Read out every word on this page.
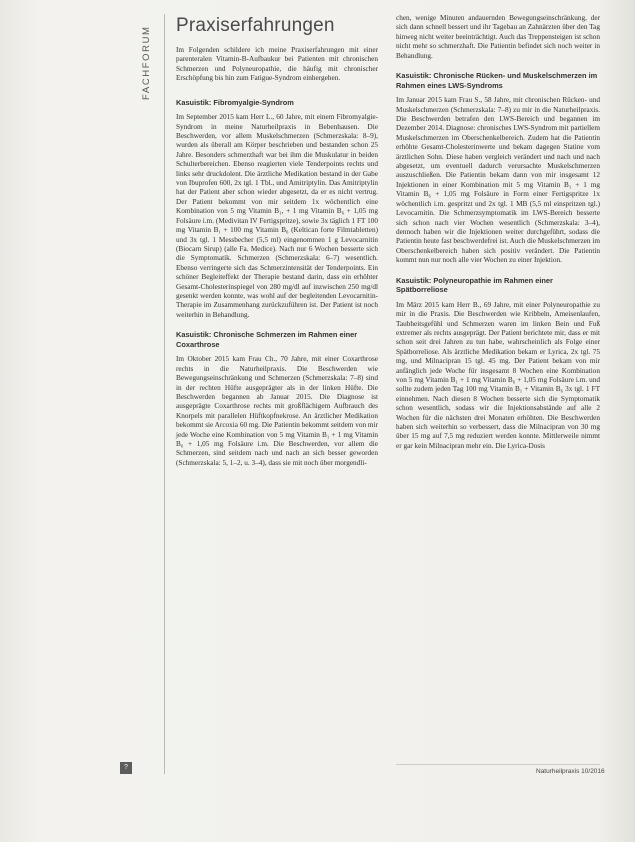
FACHFORUM
Praxiserfahrungen

Im Folgenden schildere ich meine Praxiserfahrungen mit einer parenteralen Vitamin-B-Aufbaukur bei Patienten mit chronischen Schmerzen und Polyneuropathie, die häufig mit chronischer Erschöpfung bis hin zum Fatigue-Syndrom einhergehen.

Kasuistik: Fibromyalgie-Syndrom

Im September 2015 kam Herr L., 60 Jahre, mit einem Fibromyalgie-Syndrom in meine Naturheilpraxis in Bebenhausen. Die Beschwerden, vor allem Muskelschmerzen (Schmerzskala: 8–9), wurden als überall am Körper beschrieben und bestanden schon 25 Jahre. Besonders schmerzhaft war bei ihm die Muskulatur in beiden Schulterbereichen. Ebenso reagierten viele Tenderpoints rechts und links sehr druckdolent. Die ärztliche Medikation bestand in der Gabe von Ibuprofen 600, 2x tgl. 1 Tbl., und Amitriptylin. Das Amitriptylin hat der Patient aber schon wieder abgesetzt, da er es nicht vertrug. Der Patient bekommt von mir seitdem 1x wöchentlich eine Kombination von 5 mg Vitamin B₁, + 1 mg Vitamin B₆ + 1,05 mg Folsäure i.m. (Medivitan IV Fertigspritze), sowie 3x täglich 1 FT 100 mg Vitamin B₁ + 100 mg Vitamin B₆ (Keltican forte Filmtabletten) und 3x tgl. 1 Messbecher (5,5 ml) eingenommen 1 g Levocarnitin (Biocarn Sirup) (alle Fa. Medice). Nach nur 6 Wochen besserte sich die Symptomatik. Schmerzen (Schmerzskala: 6–7) wesentlich. Ebenso verringerte sich das Schmerzintensität der Tenderpoints. Ein schöner Begleiteffekt der Therapie bestand darin, dass ein erhöhter Gesamt-Cholesterinspiegel von 280 mg/dl auf inzwischen 250 mg/dl gesenkt werden konnte, was wohl auf der begleitenden Levocarnitin-Therapie im Zusammenhang zurückzuführen ist. Der Patient ist noch weiterhin in Behandlung.

Kasuistik: Chronische Schmerzen im Rahmen einer Coxarthrose

Im Oktober 2015 kam Frau Ch., 70 Jahre, mit einer Coxarthrose rechts in die Naturheilpraxis. Die Beschwerden wie Bewegungseinschränkung und Schmerzen (Schmerzskala: 7–8) sind in der rechten Hüfte ausgeprägter als in der linken Hüfte. Die Beschwerden begannen ab Januar 2015. Die Diagnose ist ausgeprägte Coxarthrose rechts mit großflächigem Aufbrauch des Knorpels mit parallelen Hüftkopfnekrose. An ärztlicher Medikation bekommt sie Arcoxia 60 mg. Die Patientin bekommt seitdem von mir jede Woche eine Kombination von 5 mg Vitamin B₁ + 1 mg Vitamin B₆ + 1,05 mg Folsäure i.m. Die Beschwerden, vor allem die Schmerzen, sind seitdem nach und nach an sich besser geworden (Schmerzskala: 5, 1–2, u. 3–4), dass sie mit noch über morgendli-

chen, wenige Minuten andauernden Bewegungseinschränkung, der sich dann schnell bessert und ihr Tagebau an Zahnärzten über den Tag hinweg nicht weiter beeinträchtigt. Auch das Treppensteigen ist schon nicht mehr so schmerzhaft. Die Patientin befindet sich noch weiter in Behandlung.

Kasuistik: Chronische Rücken- und Muskelschmerzen im Rahmen eines LWS-Syndroms

Im Januar 2015 kam Frau S., 58 Jahre, mit chronischen Rücken- und Muskelschmerzen (Schmerzskala: 7–8) zu mir in die Naturheilpraxis. Die Beschwerden betrafen den LWS-Bereich und begannen im Dezember 2014. Diagnose: chronisches LWS-Syndrom mit partiellem Muskelschmerzen im Oberschenkelbereich. Zudem hat die Patientin erhöhte Gesamt-Cholesterinwerte und bekam dagegen Statine vom ärztlichen Sohn. Diese haben vergleich verändert und nach und nach abgesetzt, um eventuell dadurch verursachte Muskelschmerzen auszuschließen. Die Patientin bekam dann von mir insgesamt 12 Injektionen in einer Kombination mit 5 mg Vitamin B₁ + 1 mg Vitamin B₆ + 1,05 mg Folsäure in Form einer Fertigspritze 1x wöchentlich i.m. gespritzt und 2x tgl. 1 MB (5,5 ml einspritzen tgl.) Levocarnitin. Die Schmerzsymptomatik im LWS-Bereich besserte sich schon nach vier Wochen wesentlich (Schmerzskala: 3–4), dennoch haben wir die Injektionen weiter durchgeführt, sodass die Patientin heute fast beschwerdefrei ist. Auch die Muskelschmerzen im Oberschenkelbereich haben sich positiv verändert. Die Patientin kommt nun nur noch alle vier Wochen zu einer Injektion.

Kasuistik: Polyneuropathie im Rahmen einer Spätborreliose

Im März 2015 kam Herr B., 69 Jahre, mit einer Polyneuropathie zu mir in die Praxis. Die Beschwerden wie Kribbeln, Ameisenlaufen, Taubheitsgefühl und Schmerzen waren im linken Bein und Fuß extremer als rechts ausgeprägt. Der Patient berichtete mir, dass er mit schon seit drei Jahren zu tun habe, wahrscheinlich als Folge einer Spätborreliose. Als ärztliche Medikation bekam er Lyrica, 2x tgl. 75 mg, und Milnacipran 15 tgl. 45 mg. Der Patient bekam von mir anfänglich jede Woche für insgesamt 8 Wochen eine Kombination von 5 mg Vitamin B₁ + 1 mg Vitamin B₆ + 1,05 mg Folsäure i.m. und sollte zudem jeden Tag 100 mg Vitamin B₁ + Vitamin B₆ 3x tgl. 1 FT einnehmen. Nach diesen 8 Wochen besserte sich die Symptomatik schon wesentlich, sodass wir die Injektionsabstände auf alle 2 Wochen für die nächsten drei Monaten erhöhten. Die Beschwerden haben sich weiterhin so verbessert, dass die Milnacipran von 30 mg über 15 mg auf 7,5 mg reduziert werden konnte. Mittlerweile nimmt er gar kein Milnacipran mehr ein. Die Lyrica-Dosis

?
Naturheilpraxis 10/2016
